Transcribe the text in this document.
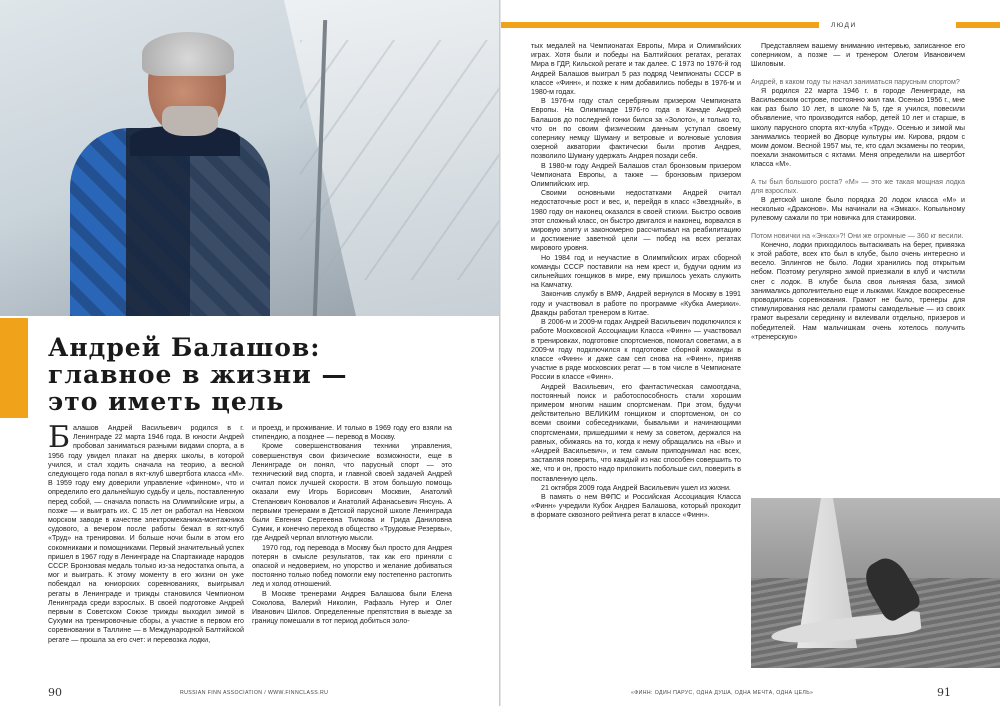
Андрей Балашов:
главное в жизни —
это иметь цель

Балашов Андрей Васильевич родился в г. Ленинграде 22 марта 1946 года. В юности Андрей пробовал заниматься разными видами спорта, а в 1956 году увидел плакат на дверях школы, в которой учился, и стал ходить сначала на теорию, а весной следующего года попал в яхт-клуб швертбота класса «М». В 1959 году ему доверили управление «финном», что и определило его дальнейшую судьбу и цель, поставленную перед собой, — сначала попасть на Олимпийские игры, а позже — и выиграть их. С 15 лет он работал на Невском морском заводе в качестве электромеханика-монтажника судового, а вечером после работы бежал в яхт-клуб «Труд» на тренировки. И больше ночи были в этом его сокомниками и помощниками. Первый значительный успех пришел в 1967 году в Ленинграде на Спартакиаде народов СССР. Бронзовая медаль только из-за недостатка опыта, а мог и выиграть. К этому моменту в его жизни он уже побеждал на юниорских соревнованиях, выигрывал регаты в Ленинграде и трижды становился Чемпионом Ленинграда среди взрослых. В своей подготовке Андрей первым в Советском Союзе трижды выходил зимой в Сухуми на тренировочные сборы, а участие в первом его соревновании в Таллине — в Международной Балтийской регате — прошла за его счет: и перевозка лодки,

и проезд, и проживание. И только в 1969 году его взяли на стипендию, а позднее — перевод в Москву.

Кроме совершенствования техники управления, совершенствуя свои физические возможности, еще в Ленинграде он понял, что парусный спорт — это технический вид спорта, и главной своей задачей Андрей считал поиск лучшей скорости. В этом большую помощь оказали ему Игорь Борисович Москвин, Анатолий Степанович Коновалов и Анатолий Афанасьевич Янсунь. А первыми тренерами в Детской парусной школе Ленинграда были Евгения Сергеевна Тилкова и Грида Даниловна Сумик, и конечно переход в общество «Трудовые Резервы», где Андрей черпал вплотную мысли.

1970 год, год перевода в Москву был просто для Андрея потерян в смысле результатов, так как его приняли с опаской и недоверием, но упорство и желание добиваться постоянно только побед помогли ему постепенно растопить лед и холод отношений.

В Москве тренерами Андрея Балашова были Елена Соколова, Валерий Николин, Рафаэль Нугер и Олег Иванович Шилов. Определенные препятствия в выезде за границу помешали в тот период добиться золо-

90	RUSSIAN FINN ASSOCIATION / WWW.FINNCLASS.RU
ЛЮДИ

тых медалей на Чемпионатах Европы, Мира и Олимпийских играх. Хотя были и победы на Балтийских регатах, регатах Мира в ГДР, Кильской регате и так далее. С 1973 по 1976-й год Андрей Балашов выиграл 5 раз подряд Чемпионаты СССР в классе «Финн», и позже к ним добавились победы в 1976-м и 1980-м годах.

В 1976-м году стал серебряным призером Чемпионата Европы. На Олимпиаде 1976-го года в Канаде Андрей Балашов до последней гонки бился за «Золото», и только то, что он по своим физическим данным уступал своему сопернику немцу Шуману и ветровые и волновые условия озерной акватории фактически были против Андрея, позволило Шуману удержать Андрея позади себя.

В 1980-м году Андрей Балашов стал бронзовым призером Чемпионата Европы, а также — бронзовым призером Олимпийских игр.

Своими основными недостатками Андрей считал недостаточные рост и вес, и, перейдя в класс «Звездный», в 1980 году он наконец оказался в своей стихии. Быстро освоив этот сложный класс, он быстро двигался и наконец, ворвался в мировую элиту и закономерно рассчитывал на реабилитацию и достижение заветной цели — побед на всех регатах мирового уровня.

Но 1984 год и неучастие в Олимпийских играх сборной команды СССР поставили на нем крест и, будучи одним из сильнейших гонщиков в мире, ему пришлось уехать служить на Камчатку.

Закончив службу в ВМФ, Андрей вернулся в Москву в 1991 году и участвовал в работе по программе «Кубка Америки». Дважды работал тренером в Китае.

В 2006-м и 2009-м годах Андрей Васильевич подключился к работе Московской Ассоциации Класса «Финн» — участвовал в тренировках, подготовке спортсменов, помогал советами, а в 2009-м году подключился к подготовке сборной команды в классе «Финн» и даже сам сел снова на «Финн», приняв участие в ряде московских регат — в том числе в Чемпионате России в классе «Финн».

Андрей Васильевич, его фантастическая самоотдача, постоянный поиск и работоспособность стали хорошим примером многим нашим спортсменам. При этом, будучи действительно ВЕЛИКИМ гонщиком и спортсменом, он со всеми своими собеседниками, бывалыми и начинающими спортсменами, пришедшими к нему за советом, держался на равных, обижаясь на то, когда к нему обращались на «Вы» и «Андрей Васильевич», и тем самым приподнимал нас всех, заставляя поверить, что каждый из нас способен совершить то же, что и он, просто надо приложить побольше сил, поверить в поставленную цель.

21 октября 2009 года Андрей Васильевич ушел из жизни.

В память о нем ВФПС и Российская Ассоциация Класса «Финн» учредили Кубок Андрея Балашова, который проходит в формате сквозного рейтинга регат в классе «Финн».

Представляем вашему вниманию интервью, записанное его соперником, а позже — и тренером Олегом Ивановичем Шиловым.

Андрей, в каком году ты начал заниматься парусным спортом?

Я родился 22 марта 1946 г. в городе Ленинграде, на Васильевском острове, постоянно жил там. Осенью 1956 г., мне как раз было 10 лет, в школе №5, где я учился, повесили объявление, что производится набор, детей 10 лет и старше, в школу парусного спорта яхт-клуба «Труд». Осенью и зимой мы занимались теорией во Дворце культуры им. Кирова, рядом с моим домом. Весной 1957 мы, те, кто сдал экзамены по теории, поехали знакомиться с яхтами. Меня определили на швертбот класса «М».

А ты был большого роста? «М» — это же такая мощная лодка для взрослых.

В детской школе было порядка 20 лодок класса «М» и несколько «Драконов». Мы начинали на «Эмках». Копыльному рулевому сажали по три новичка для стажировки.

Потом новички на «Энках»?! Они же огромные — 360 кг весили.

Конечно, лодки приходилось вытаскивать на берег, привязка к этой работе, всех кто был в клубе, было очень интересно и весело. Эллингов не было. Лодки хранились под открытым небом. Поэтому регулярно зимой приезжали в клуб и чистили снег с лодок. В клубе была своя льняная база, зимой занимались дополнительно еще и лыжами. Каждое воскресенье проводились соревнования. Грамот не было, тренеры для стимулирования нас делали грамоты самодельные — из своих грамот вырезали серединку и вклеивали отдельно, призеров и победителей. Нам мальчишкам очень хотелось получить «тренерскую»

«ФИНН: ОДИН ПАРУС, ОДНА ДУША, ОДНА МЕЧТА, ОДНА ЦЕЛЬ»	91
